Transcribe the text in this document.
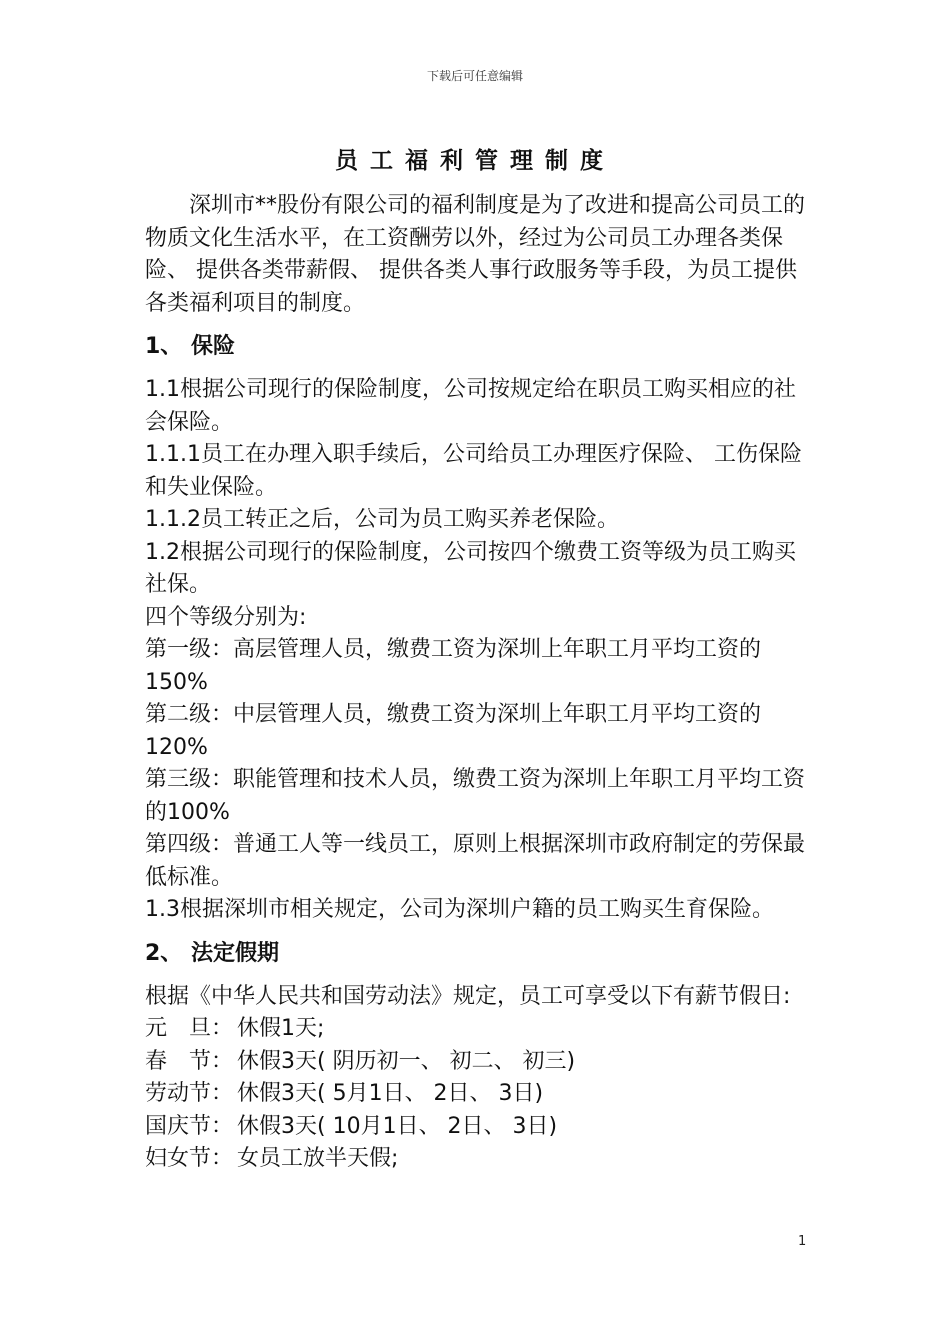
下载后可任意编辑
员工福利管理制度

深圳市**股份有限公司的福利制度是为了改进和提高公司员工的物质文化生活水平，在工资酬劳以外，经过为公司员工办理各类保险、 提供各类带薪假、 提供各类人事行政服务等手段，为员工提供各类福利项目的制度。

1、 保险

1.1根据公司现行的保险制度，公司按规定给在职员工购买相应的社会保险。

1.1.1员工在办理入职手续后，公司给员工办理医疗保险、 工伤保险和失业保险。

1.1.2员工转正之后，公司为员工购买养老保险。

1.2根据公司现行的保险制度，公司按四个缴费工资等级为员工购买社保。

四个等级分别为:

第一级：高层管理人员，缴费工资为深圳上年职工月平均工资的150%

第二级：中层管理人员，缴费工资为深圳上年职工月平均工资的120%

第三级：职能管理和技术人员，缴费工资为深圳上年职工月平均工资的100%

第四级：普通工人等一线员工，原则上根据深圳市政府制定的劳保最低标准。

1.3根据深圳市相关规定，公司为深圳户籍的员工购买生育保险。

2、 法定假期

根据《中华人民共和国劳动法》规定，员工可享受以下有薪节假日:

元　旦： 休假1天;

春　节： 休假3天( 阴历初一、 初二、 初三)

劳动节： 休假3天( 5月1日、 2日、 3日)

国庆节： 休假3天( 10月1日、 2日、 3日)

妇女节： 女员工放半天假;

1
